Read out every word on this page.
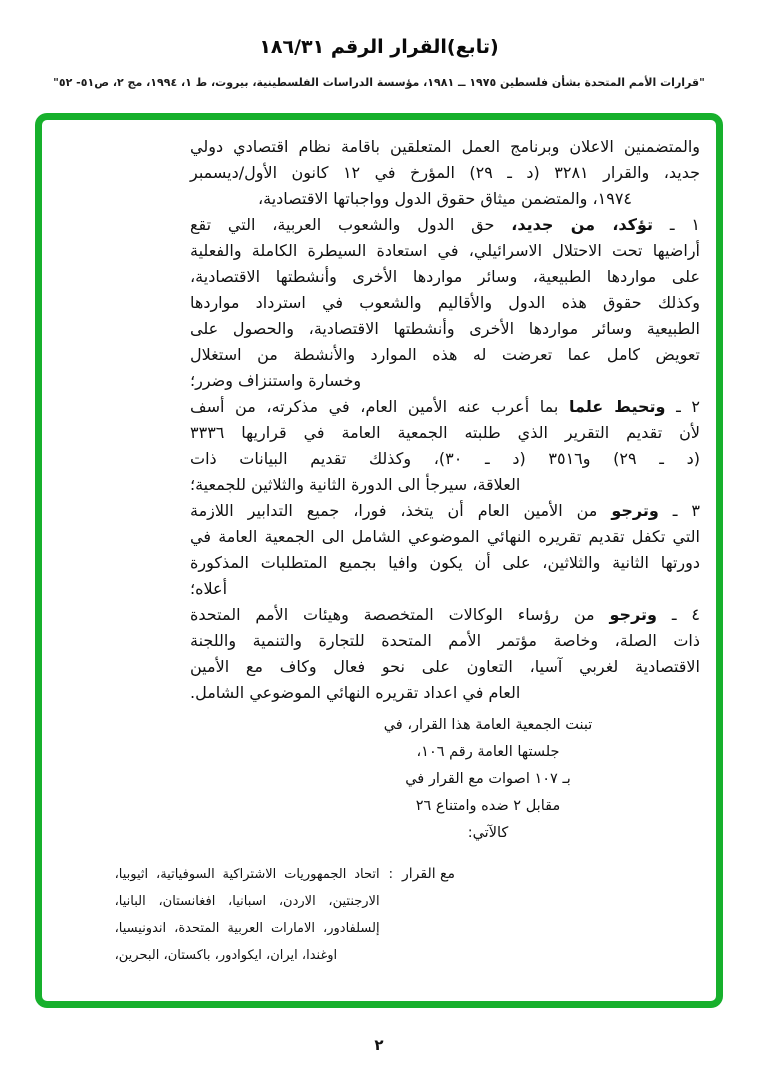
(تابع)القرار الرقم ١٨٦/٣١
"قرارات الأمم المتحدة بشأن فلسطين ١٩٧٥ ــ ١٩٨١، مؤسسة الدراسات الفلسطينية، بيروت، ط ١، ١٩٩٤، مج ٢، ص٥١- ٥٢"
والمتضمنين الاعلان وبرنامج العمل المتعلقين باقامة نظام اقتصادي دولي
جديد، والقرار ٣٢٨١ (د ـ ٢٩) المؤرخ في ١٢ كانون الأول/ديسمبر
١٩٧٤، والمتضمن ميثاق حقوق الدول وواجباتها الاقتصادية،
١ ـ تؤكد، من جديد، حق الدول والشعوب العربية، التي تقع
أراضيها تحت الاحتلال الاسرائيلي، في استعادة السيطرة الكاملة والفعلية
على مواردها الطبيعية، وسائر مواردها الأخرى وأنشطتها الاقتصادية،
وكذلك حقوق هذه الدول والأقاليم والشعوب في استرداد مواردها
الطبيعية وسائر مواردها الأخرى وأنشطتها الاقتصادية، والحصول على
تعويض كامل عما تعرضت له هذه الموارد والأنشطة من استغلال
وخسارة واستنزاف وضرر؛
٢ ـ وتحيط علما بما أعرب عنه الأمين العام، في مذكرته، من أسف
لأن تقديم التقرير الذي طلبته الجمعية العامة في قراريها ٣٣٣٦
(د ـ ٢٩) و٣٥١٦ (د ـ ٣٠)، وكذلك تقديم البيانات ذات
العلاقة، سيرجأ الى الدورة الثانية والثلاثين للجمعية؛
٣ ـ وترجو من الأمين العام أن يتخذ، فورا، جميع التدابير اللازمة
التي تكفل تقديم تقريره النهائي الموضوعي الشامل الى الجمعية العامة في
دورتها الثانية والثلاثين، على أن يكون وافيا بجميع المتطلبات المذكورة
أعلاه؛
٤ ـ وترجو من رؤساء الوكالات المتخصصة وهيئات الأمم المتحدة
ذات الصلة، وخاصة مؤتمر الأمم المتحدة للتجارة والتنمية واللجنة
الاقتصادية لغربي آسيا، التعاون على نحو فعال وكاف مع الأمين
العام في اعداد تقريره النهائي الموضوعي الشامل.
تبنت الجمعية العامة هذا القرار، في
جلستها العامة رقم ١٠٦،
بـ ١٠٧ اصوات مع القرار في
مقابل ٢ ضده وامتناع ٢٦
كالآتي:
مع القرار
:
اتحاد الجمهوريات الاشتراكية السوفياتية، اثيوبيا،
الارجنتين، الاردن، اسبانيا، افغانستان، البانيا،
إلسلفادور، الامارات العربية المتحدة، اندونيسيا،
اوغندا، ايران، ايكوادور، باكستان، البحرين،
٢
